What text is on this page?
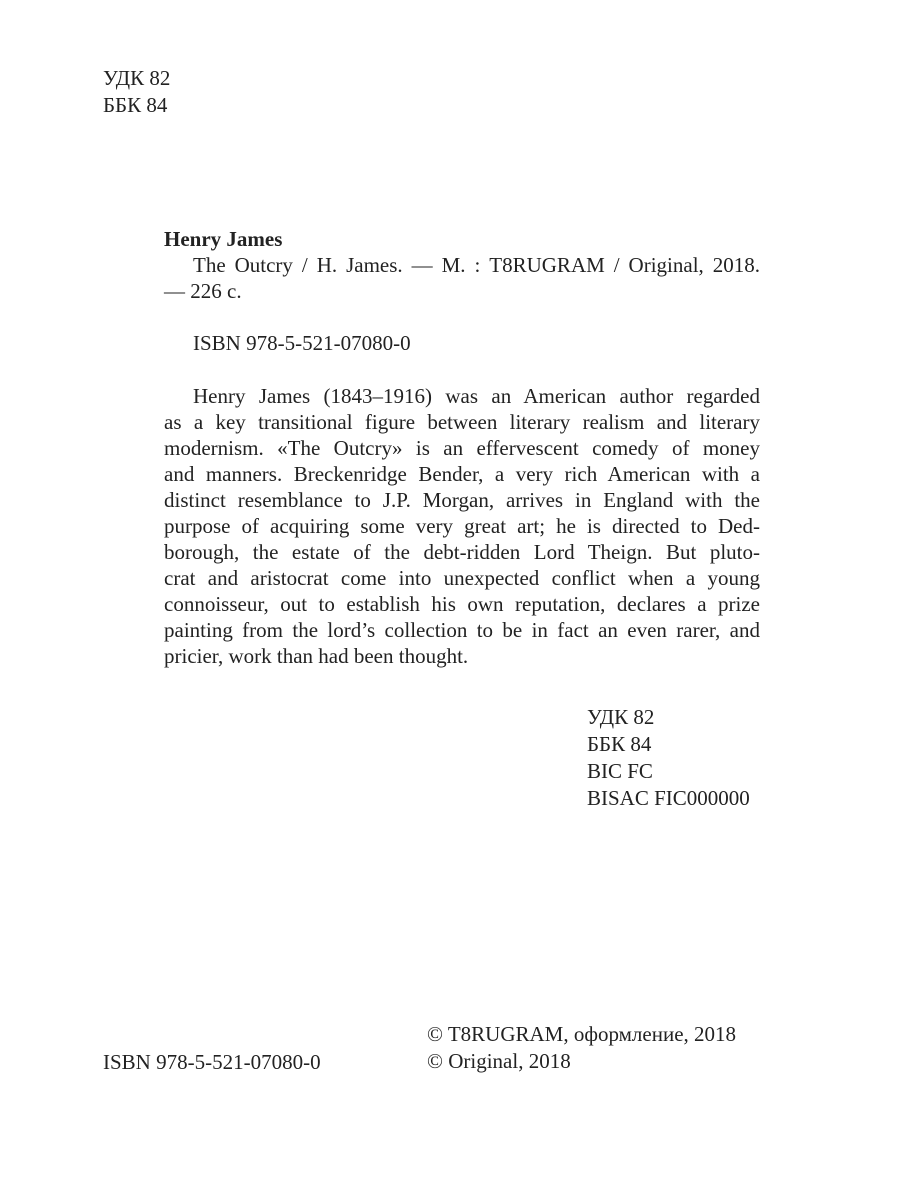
УДК 82
ББК 84
Henry James
The Outcry / H. James. — М. : T8RUGRAM / Original, 2018.
— 226 с.
ISBN 978-5-521-07080-0
Henry James (1843–1916) was an American author regarded
as a key transitional figure between literary realism and literary
modernism. «The Outcry» is an effervescent comedy of money
and manners. Breckenridge Bender, a very rich American with a
distinct resemblance to J.P. Morgan, arrives in England with the
purpose of acquiring some very great art; he is directed to Ded-
borough, the estate of the debt-ridden Lord Theign. But pluto-
crat and aristocrat come into unexpected conflict when a young
connoisseur, out to establish his own reputation, declares a prize
painting from the lord’s collection to be in fact an even rarer, and
pricier, work than had been thought.
УДК 82
ББК 84
BIC FC
BISAC FIC000000
ISBN 978-5-521-07080-0
© T8RUGRAM, оформление, 2018
© Original, 2018
